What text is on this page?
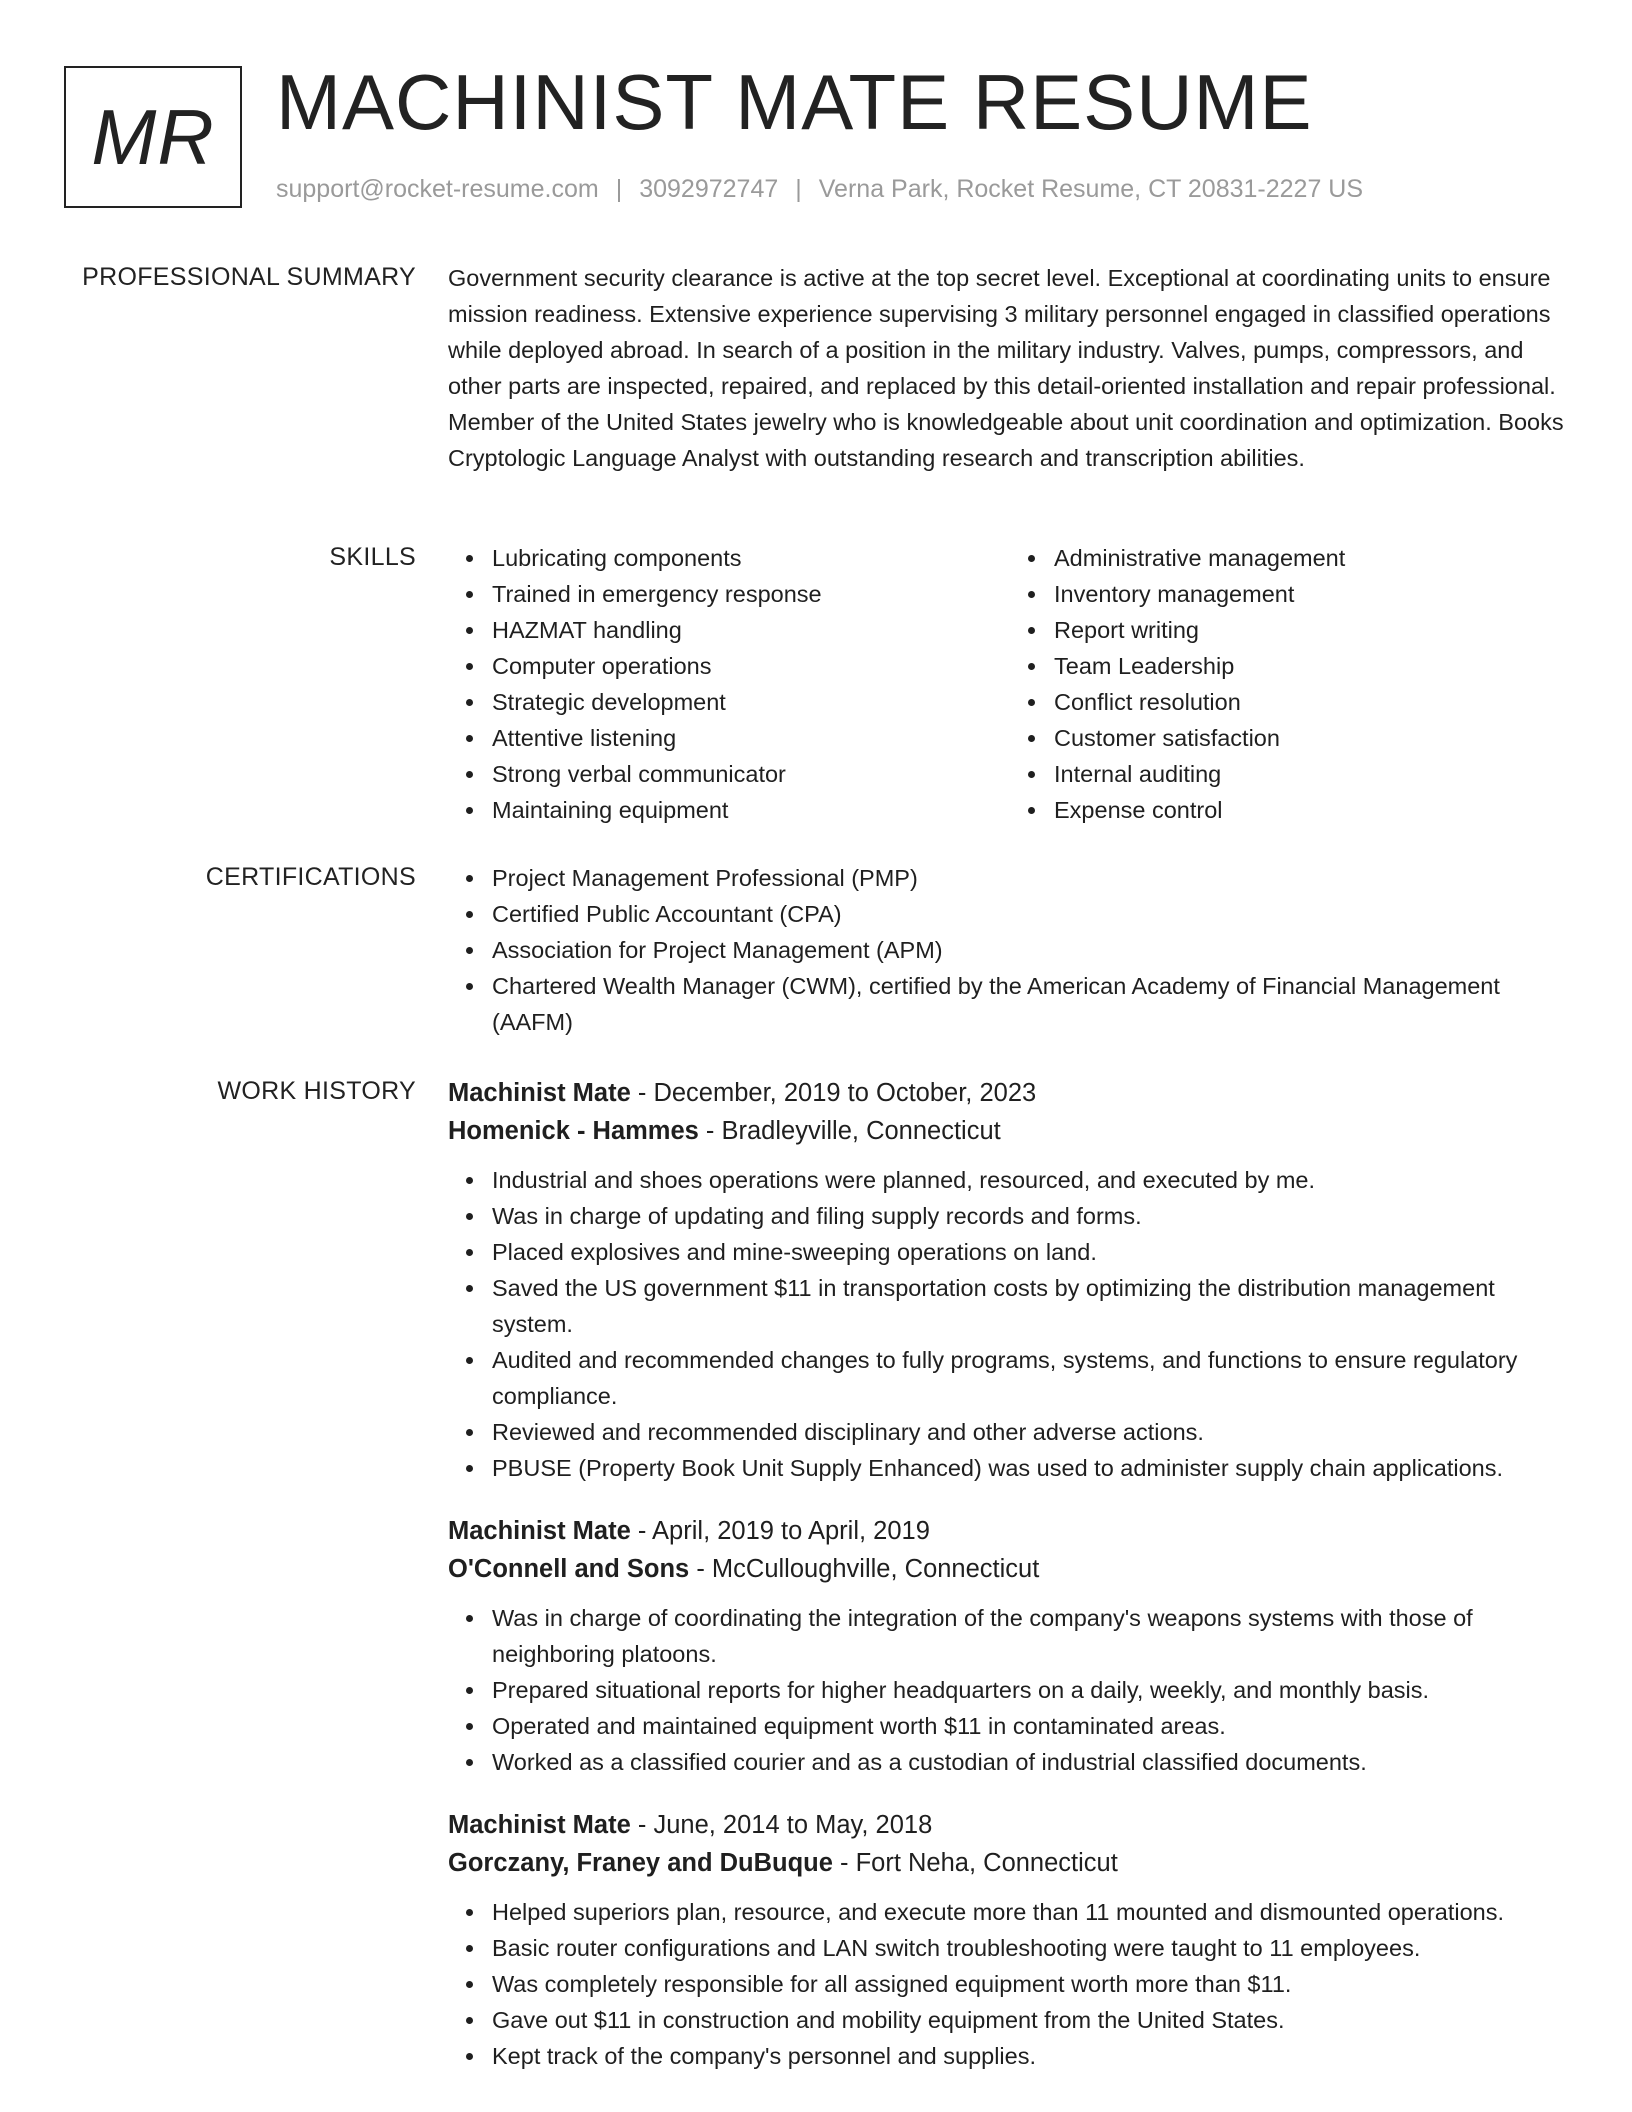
MR MACHINIST MATE RESUME
support@rocket-resume.com | 3092972747 | Verna Park, Rocket Resume, CT 20831-2227 US
PROFESSIONAL SUMMARY Government security clearance is active at the top secret level. Exceptional at coordinating units to ensure mission readiness. Extensive experience supervising 3 military personnel engaged in classified operations while deployed abroad. In search of a position in the military industry. Valves, pumps, compressors, and other parts are inspected, repaired, and replaced by this detail-oriented installation and repair professional. Member of the United States jewelry who is knowledgeable about unit coordination and optimization. Books Cryptologic Language Analyst with outstanding research and transcription abilities.

SKILLS	Lubricating components
Trained in emergency response
HAZMAT handling
Computer operations
Strategic development
Attentive listening
Strong verbal communicator
Maintaining equipment
Administrative management
Inventory management
Report writing
Team Leadership
Conflict resolution
Customer satisfaction
Internal auditing
Expense control
CERTIFICATIONS	Project Management Professional (PMP)
Certified Public Accountant (CPA)
Association for Project Management (APM)
Chartered Wealth Manager (CWM), certified by the American Academy of Financial Management (AAFM)
WORK HISTORY Machinist Mate - December, 2019 to October, 2023
Homenick - Hammes - Bradleyville, Connecticut
Industrial and shoes operations were planned, resourced, and executed by me.
Was in charge of updating and filing supply records and forms.
Placed explosives and mine-sweeping operations on land.
Saved the US government $11 in transportation costs by optimizing the distribution management system.
Audited and recommended changes to fully programs, systems, and functions to ensure regulatory compliance.
Reviewed and recommended disciplinary and other adverse actions.
PBUSE (Property Book Unit Supply Enhanced) was used to administer supply chain applications.
Machinist Mate - April, 2019 to April, 2019
O'Connell and Sons - McCulloughville, Connecticut
Was in charge of coordinating the integration of the company's weapons systems with those of neighboring platoons.
Prepared situational reports for higher headquarters on a daily, weekly, and monthly basis.
Operated and maintained equipment worth $11 in contaminated areas.
Worked as a classified courier and as a custodian of industrial classified documents.
Machinist Mate - June, 2014 to May, 2018
Gorczany, Franey and DuBuque - Fort Neha, Connecticut
Helped superiors plan, resource, and execute more than 11 mounted and dismounted operations.
Basic router configurations and LAN switch troubleshooting were taught to 11 employees.
Was completely responsible for all assigned equipment worth more than $11.
Gave out $11 in construction and mobility equipment from the United States.
Kept track of the company's personnel and supplies.
